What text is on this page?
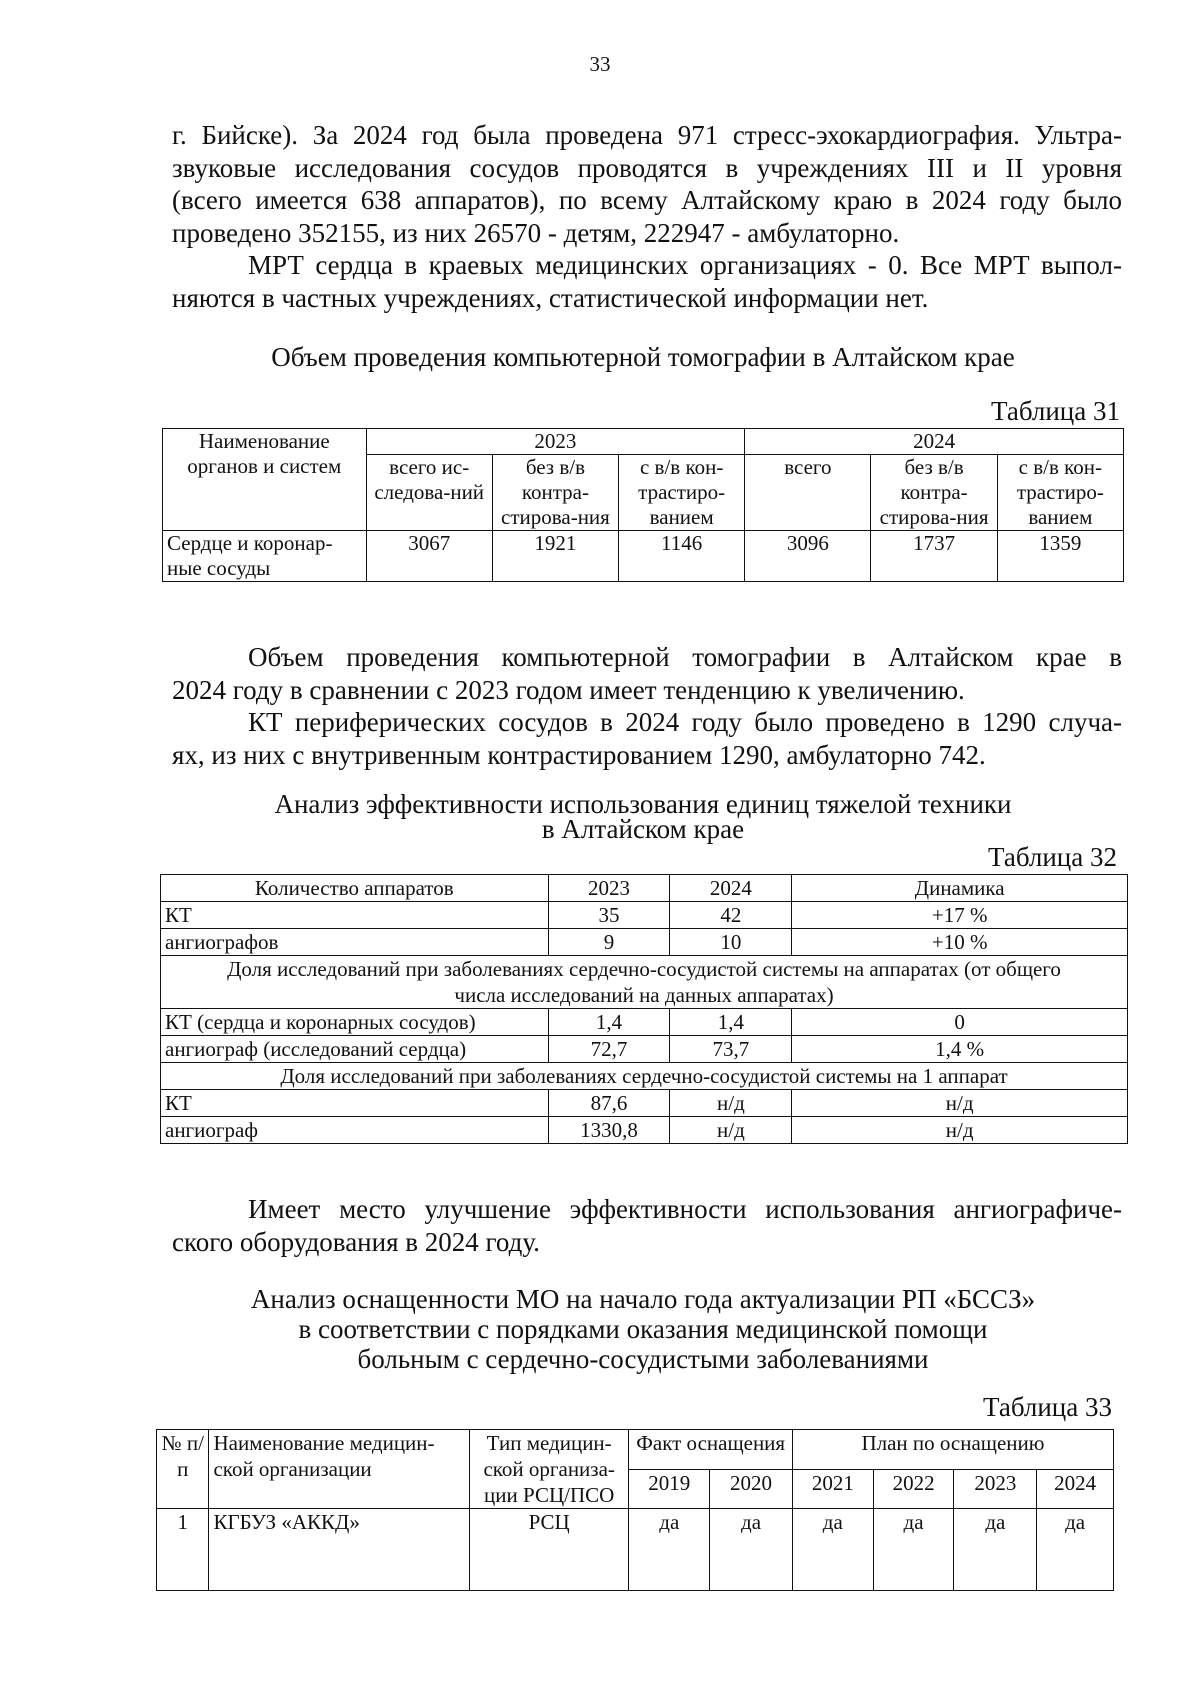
33

г. Бийске). За 2024 год была проведена 971 стресс-эхокардиография. Ультра-
звуковые исследования сосудов проводятся в учреждениях III и II уровня
(всего имеется 638 аппаратов), по всему Алтайскому краю в 2024 году было
проведено 352155, из них 26570 - детям, 222947 - амбулаторно.

МРТ сердца в краевых медицинских организациях - 0. Все МРТ выпол-
няются в частных учреждениях, статистической информации нет.

Объем проведения компьютерной томографии в Алтайском крае

Таблица 31
Наименование органов и систем	2023			2024		
	всего ис-следова-ний	без в/в контра-стирова-ния	с в/в кон-трастиро-ванием	всего	без в/в контра-стирова-ния	с в/в кон-трастиро-ванием
Сердце и коронар-ные сосуды	3067	1921	1146	3096	1737	1359

Объем проведения компьютерной томографии в Алтайском крае в
2024 году в сравнении с 2023 годом имеет тенденцию к увеличению.

КТ периферических сосудов в 2024 году было проведено в 1290 случа-
ях, из них с внутривенным контрастированием 1290, амбулаторно 742.

Анализ эффективности использования единиц тяжелой техники
в Алтайском крае
Таблица 32
Количество аппаратов	2023	2024	Динамика
КТ	35	42	+17 %
ангиографов	9	10	+10 %
Доля исследований при заболеваниях сердечно-сосудистой системы на аппаратах (от общего числа исследований на данных аппаратах)			
КТ (сердца и коронарных сосудов)	1,4	1,4	0
ангиограф (исследований сердца)	72,7	73,7	1,4 %
Доля исследований при заболеваниях сердечно-сосудистой системы на 1 аппарат			
КТ	87,6	н/д	н/д
ангиограф	1330,8	н/д	н/д

Имеет место улучшение эффективности использования ангиографиче-
ского оборудования в 2024 году.

Анализ оснащенности МО на начало года актуализации РП «БССЗ»
в соответствии с порядками оказания медицинской помощи
больным с сердечно-сосудистыми заболеваниями
Таблица 33
№ п/п	Наименование медицин-ской организации	Тип медицин-ской организа-ции РСЦ/ПСО	Факт оснащения		План по оснащению			
			2019	2020	2021	2022	2023	2024
1	КГБУЗ «АККД»	РСЦ	да	да	да	да	да	да
